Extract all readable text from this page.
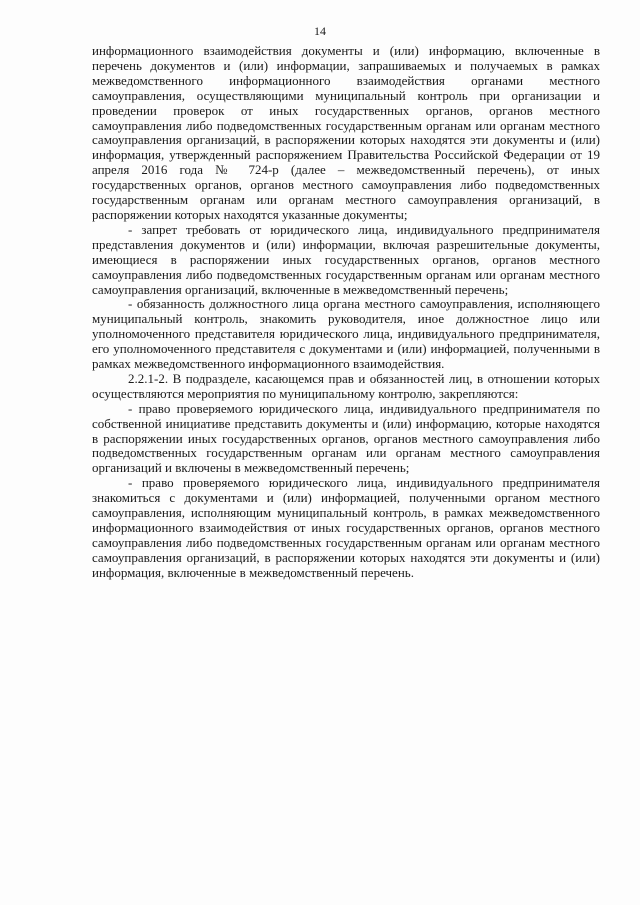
14

информационного взаимодействия документы и (или) информацию, включенные в перечень документов и (или) информации, запрашиваемых и получаемых в рамках межведомственного информационного взаимодействия органами местного самоуправления, осуществляющими муниципальный контроль при организации и проведении проверок от иных государственных органов, органов местного самоуправления либо подведомственных государственным органам или органам местного самоуправления организаций, в распоряжении которых находятся эти документы и (или) информация, утвержденный распоряжением Правительства Российской Федерации от 19 апреля 2016 года № 724-р (далее – межведомственный перечень), от иных государственных органов, органов местного самоуправления либо подведомственных государственным органам или органам местного самоуправления организаций, в распоряжении которых находятся указанные документы;

- запрет требовать от юридического лица, индивидуального предпринимателя представления документов и (или) информации, включая разрешительные документы, имеющиеся в распоряжении иных государственных органов, органов местного самоуправления либо подведомственных государственным органам или органам местного самоуправления организаций, включенные в межведомственный перечень;

- обязанность должностного лица органа местного самоуправления, исполняющего муниципальный контроль, знакомить руководителя, иное должностное лицо или уполномоченного представителя юридического лица, индивидуального предпринимателя, его уполномоченного представителя с документами и (или) информацией, полученными в рамках межведомственного информационного взаимодействия.

2.2.1-2. В подразделе, касающемся прав и обязанностей лиц, в отношении которых осуществляются мероприятия по муниципальному контролю, закрепляются:

- право проверяемого юридического лица, индивидуального предпринимателя по собственной инициативе представить документы и (или) информацию, которые находятся в распоряжении иных государственных органов, органов местного самоуправления либо подведомственных государственным органам или органам местного самоуправления организаций и включены в межведомственный перечень;

- право проверяемого юридического лица, индивидуального предпринимателя знакомиться с документами и (или) информацией, полученными органом местного самоуправления, исполняющим муниципальный контроль, в рамках межведомственного информационного взаимодействия от иных государственных органов, органов местного самоуправления либо подведомственных государственным органам или органам местного самоуправления организаций, в распоряжении которых находятся эти документы и (или) информация, включенные в межведомственный перечень.
